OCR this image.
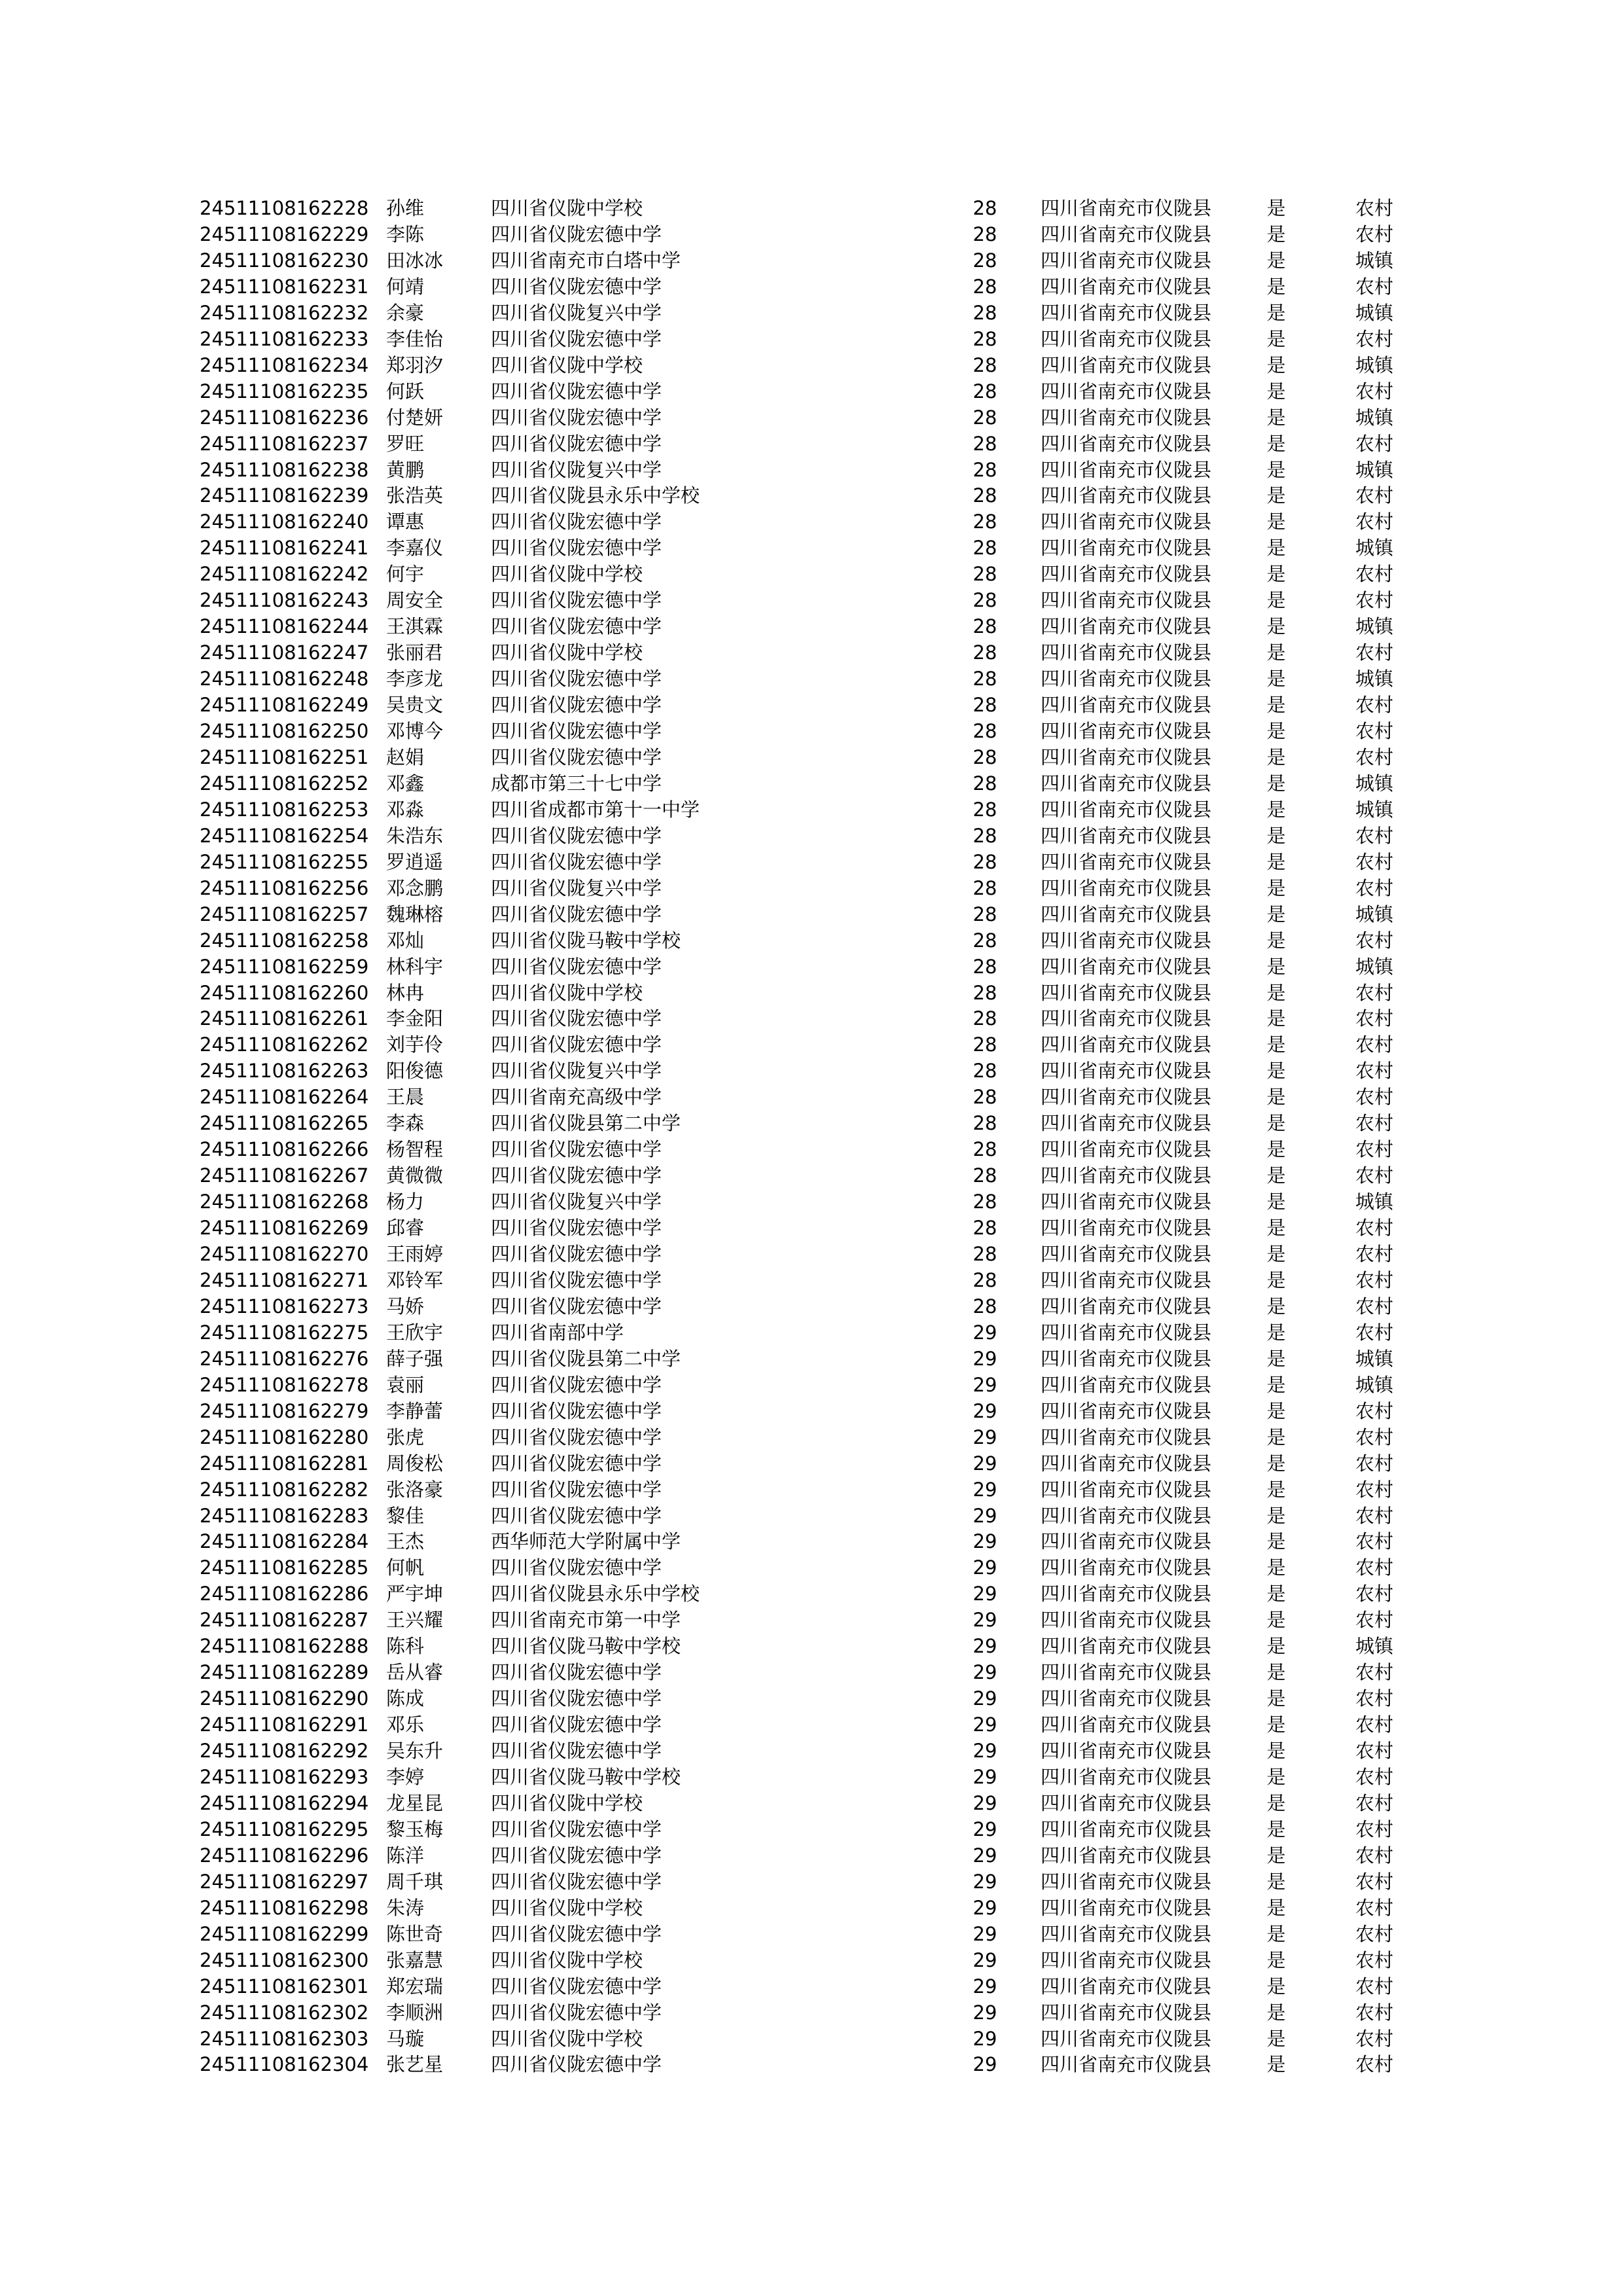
24511108162228 孙维	四川省仪陇中学校	28	四川省南充市仪陇县	是	农村
24511108162229 李陈	四川省仪陇宏德中学	28	四川省南充市仪陇县	是	农村
24511108162230 田冰冰	四川省南充市白塔中学	28	四川省南充市仪陇县	是	城镇
24511108162231 何靖	四川省仪陇宏德中学	28	四川省南充市仪陇县	是	农村
24511108162232 余豪	四川省仪陇复兴中学	28	四川省南充市仪陇县	是	城镇
24511108162233 李佳怡	四川省仪陇宏德中学	28	四川省南充市仪陇县	是	农村
24511108162234 郑羽汐	四川省仪陇中学校	28	四川省南充市仪陇县	是	城镇
24511108162235 何跃	四川省仪陇宏德中学	28	四川省南充市仪陇县	是	农村
24511108162236 付楚妍	四川省仪陇宏德中学	28	四川省南充市仪陇县	是	城镇
24511108162237 罗旺	四川省仪陇宏德中学	28	四川省南充市仪陇县	是	农村
24511108162238 黄鹏	四川省仪陇复兴中学	28	四川省南充市仪陇县	是	城镇
24511108162239 张浩英	四川省仪陇县永乐中学校	28	四川省南充市仪陇县	是	农村
24511108162240 谭惠	四川省仪陇宏德中学	28	四川省南充市仪陇县	是	农村
24511108162241 李嘉仪	四川省仪陇宏德中学	28	四川省南充市仪陇县	是	城镇
24511108162242 何宇	四川省仪陇中学校	28	四川省南充市仪陇县	是	农村
24511108162243 周安全	四川省仪陇宏德中学	28	四川省南充市仪陇县	是	农村
24511108162244 王淇霖	四川省仪陇宏德中学	28	四川省南充市仪陇县	是	城镇
24511108162247 张丽君	四川省仪陇中学校	28	四川省南充市仪陇县	是	农村
24511108162248 李彦龙	四川省仪陇宏德中学	28	四川省南充市仪陇县	是	城镇
24511108162249 吴贵文	四川省仪陇宏德中学	28	四川省南充市仪陇县	是	农村
24511108162250 邓博今	四川省仪陇宏德中学	28	四川省南充市仪陇县	是	农村
24511108162251 赵娟	四川省仪陇宏德中学	28	四川省南充市仪陇县	是	农村
24511108162252 邓鑫	成都市第三十七中学	28	四川省南充市仪陇县	是	城镇
24511108162253 邓淼	四川省成都市第十一中学	28	四川省南充市仪陇县	是	城镇
24511108162254 朱浩东	四川省仪陇宏德中学	28	四川省南充市仪陇县	是	农村
24511108162255 罗逍遥	四川省仪陇宏德中学	28	四川省南充市仪陇县	是	农村
24511108162256 邓念鹏	四川省仪陇复兴中学	28	四川省南充市仪陇县	是	农村
24511108162257 魏琳榕	四川省仪陇宏德中学	28	四川省南充市仪陇县	是	城镇
24511108162258 邓灿	四川省仪陇马鞍中学校	28	四川省南充市仪陇县	是	农村
24511108162259 林科宇	四川省仪陇宏德中学	28	四川省南充市仪陇县	是	城镇
24511108162260 林冉	四川省仪陇中学校	28	四川省南充市仪陇县	是	农村
24511108162261 李金阳	四川省仪陇宏德中学	28	四川省南充市仪陇县	是	农村
24511108162262 刘芋伶	四川省仪陇宏德中学	28	四川省南充市仪陇县	是	农村
24511108162263 阳俊德	四川省仪陇复兴中学	28	四川省南充市仪陇县	是	农村
24511108162264 王晨	四川省南充高级中学	28	四川省南充市仪陇县	是	农村
24511108162265 李森	四川省仪陇县第二中学	28	四川省南充市仪陇县	是	农村
24511108162266 杨智程	四川省仪陇宏德中学	28	四川省南充市仪陇县	是	农村
24511108162267 黄微微	四川省仪陇宏德中学	28	四川省南充市仪陇县	是	农村
24511108162268 杨力	四川省仪陇复兴中学	28	四川省南充市仪陇县	是	城镇
24511108162269 邱睿	四川省仪陇宏德中学	28	四川省南充市仪陇县	是	农村
24511108162270 王雨婷	四川省仪陇宏德中学	28	四川省南充市仪陇县	是	农村
24511108162271 邓铃军	四川省仪陇宏德中学	28	四川省南充市仪陇县	是	农村
24511108162273 马娇	四川省仪陇宏德中学	28	四川省南充市仪陇县	是	农村
24511108162275 王欣宇	四川省南部中学	29	四川省南充市仪陇县	是	农村
24511108162276 薛子强	四川省仪陇县第二中学	29	四川省南充市仪陇县	是	城镇
24511108162278 袁丽	四川省仪陇宏德中学	29	四川省南充市仪陇县	是	城镇
24511108162279 李静蕾	四川省仪陇宏德中学	29	四川省南充市仪陇县	是	农村
24511108162280 张虎	四川省仪陇宏德中学	29	四川省南充市仪陇县	是	农村
24511108162281 周俊松	四川省仪陇宏德中学	29	四川省南充市仪陇县	是	农村
24511108162282 张洛豪	四川省仪陇宏德中学	29	四川省南充市仪陇县	是	农村
24511108162283 黎佳	四川省仪陇宏德中学	29	四川省南充市仪陇县	是	农村
24511108162284 王杰	西华师范大学附属中学	29	四川省南充市仪陇县	是	农村
24511108162285 何帆	四川省仪陇宏德中学	29	四川省南充市仪陇县	是	农村
24511108162286 严宇坤	四川省仪陇县永乐中学校	29	四川省南充市仪陇县	是	农村
24511108162287 王兴耀	四川省南充市第一中学	29	四川省南充市仪陇县	是	农村
24511108162288 陈科	四川省仪陇马鞍中学校	29	四川省南充市仪陇县	是	城镇
24511108162289 岳从睿	四川省仪陇宏德中学	29	四川省南充市仪陇县	是	农村
24511108162290 陈成	四川省仪陇宏德中学	29	四川省南充市仪陇县	是	农村
24511108162291 邓乐	四川省仪陇宏德中学	29	四川省南充市仪陇县	是	农村
24511108162292 吴东升	四川省仪陇宏德中学	29	四川省南充市仪陇县	是	农村
24511108162293 李婷	四川省仪陇马鞍中学校	29	四川省南充市仪陇县	是	农村
24511108162294 龙星昆	四川省仪陇中学校	29	四川省南充市仪陇县	是	农村
24511108162295 黎玉梅	四川省仪陇宏德中学	29	四川省南充市仪陇县	是	农村
24511108162296 陈洋	四川省仪陇宏德中学	29	四川省南充市仪陇县	是	农村
24511108162297 周千琪	四川省仪陇宏德中学	29	四川省南充市仪陇县	是	农村
24511108162298 朱涛	四川省仪陇中学校	29	四川省南充市仪陇县	是	农村
24511108162299 陈世奇	四川省仪陇宏德中学	29	四川省南充市仪陇县	是	农村
24511108162300 张嘉慧	四川省仪陇中学校	29	四川省南充市仪陇县	是	农村
24511108162301 郑宏瑞	四川省仪陇宏德中学	29	四川省南充市仪陇县	是	农村
24511108162302 李顺洲	四川省仪陇宏德中学	29	四川省南充市仪陇县	是	农村
24511108162303 马璇	四川省仪陇中学校	29	四川省南充市仪陇县	是	农村
24511108162304 张艺星	四川省仪陇宏德中学	29	四川省南充市仪陇县	是	农村
